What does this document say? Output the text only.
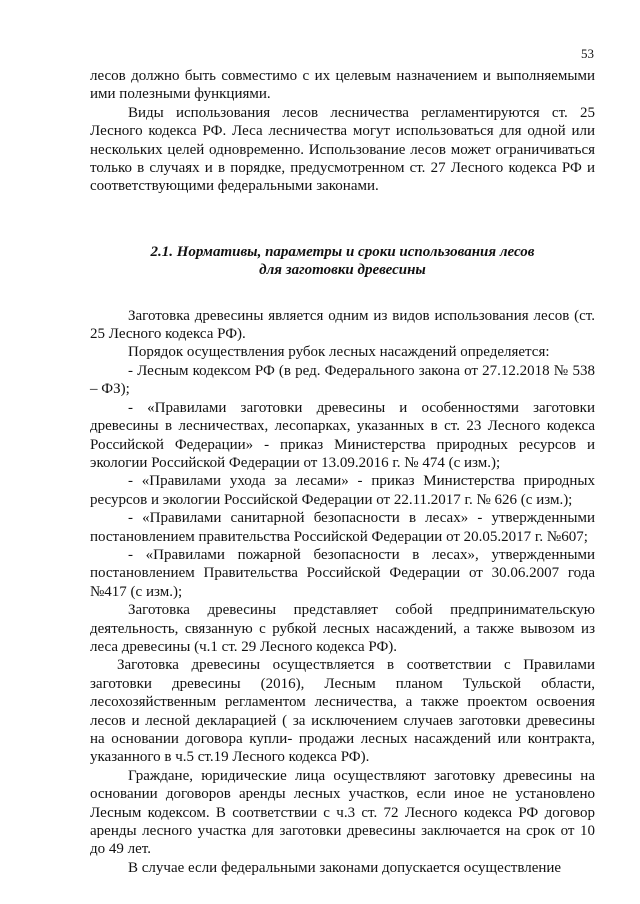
53

лесов должно быть совместимо с их целевым назначением и выполняемыми ими полезными функциями.

Виды использования лесов лесничества регламентируются ст. 25 Лесного кодекса РФ. Леса лесничества могут использоваться для одной или нескольких целей одновременно. Использование лесов может ограничиваться только в случаях и в порядке, предусмотренном ст. 27 Лесного кодекса РФ и соответствующими федеральными законами.

2.1. Нормативы, параметры и сроки использования лесов
для заготовки древесины

Заготовка древесины является одним из видов использования лесов (ст. 25 Лесного кодекса РФ).

Порядок осуществления рубок лесных насаждений определяется:

- Лесным кодексом РФ (в ред. Федерального закона от 27.12.2018 № 538 – ФЗ);

- «Правилами заготовки древесины и особенностями заготовки древесины в лесничествах, лесопарках, указанных в ст. 23 Лесного кодекса Российской Федерации» - приказ Министерства природных ресурсов и экологии Российской Федерации от 13.09.2016 г. № 474 (с изм.);

- «Правилами ухода за лесами» - приказ Министерства природных ресурсов и экологии Российской Федерации от 22.11.2017 г. № 626 (с изм.);

- «Правилами санитарной безопасности в лесах» - утвержденными постановлением правительства Российской Федерации от 20.05.2017 г. №607;

- «Правилами пожарной безопасности в лесах», утвержденными постановлением Правительства Российской Федерации от 30.06.2007 года №417 (с изм.);

Заготовка древесины представляет собой предпринимательскую деятельность, связанную с рубкой лесных насаждений, а также вывозом из леса древесины (ч.1 ст. 29 Лесного кодекса РФ).

Заготовка древесины осуществляется в соответствии с Правилами заготовки древесины (2016), Лесным планом Тульской области, лесохозяйственным регламентом лесничества, а также проектом освоения лесов и лесной декларацией ( за исключением случаев заготовки древесины на основании договора купли- продажи лесных насаждений или контракта, указанного в ч.5 ст.19 Лесного кодекса РФ).

Граждане, юридические лица осуществляют заготовку древесины на основании договоров аренды лесных участков, если иное не установлено Лесным кодексом. В соответствии с ч.3 ст. 72 Лесного кодекса РФ договор аренды лесного участка для заготовки древесины заключается на срок от 10 до 49 лет.

В случае если федеральными законами допускается осуществление
